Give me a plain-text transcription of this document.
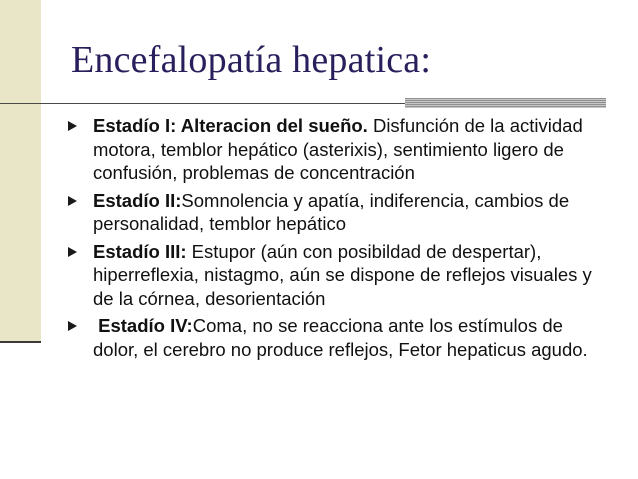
Encefalopatía hepatica:
Estadío I: Alteracion del sueño. Disfunción de la actividad motora, temblor hepático (asterixis), sentimiento ligero de confusión, problemas de concentración
Estadío II:Somnolencia y apatía, indiferencia, cambios de personalidad, temblor hepático
Estadío III: Estupor (aún con posibildad de despertar), hiperreflexia, nistagmo, aún se dispone de reflejos visuales y de la córnea, desorientación
Estadío IV:Coma, no se reacciona ante los estímulos de dolor, el cerebro no produce reflejos, Fetor hepaticus agudo.
